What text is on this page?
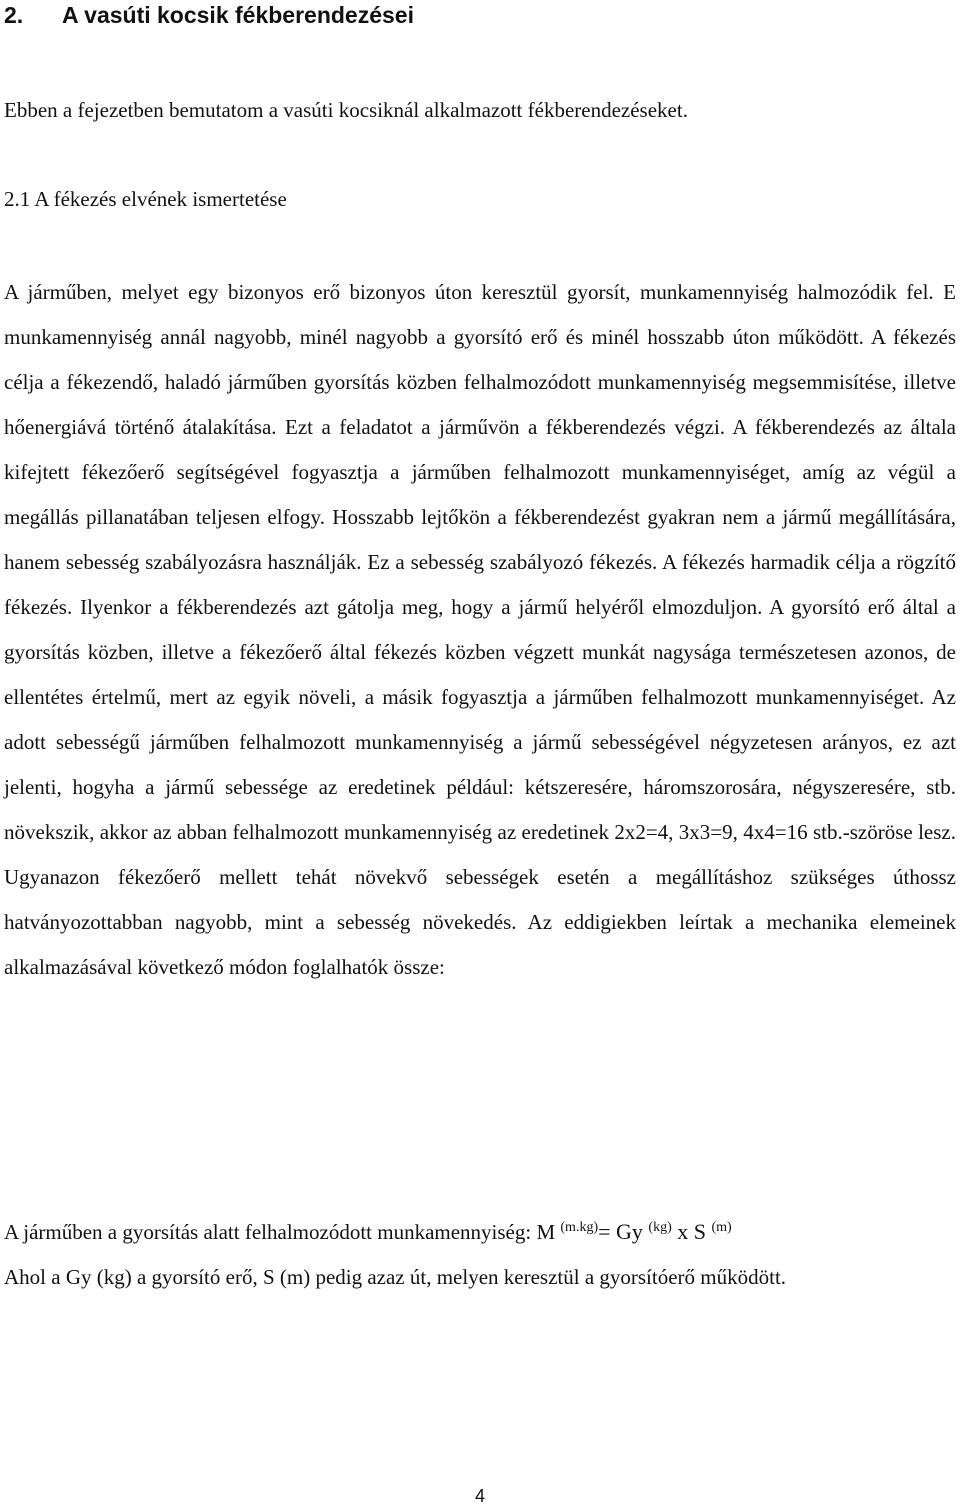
2. A vasúti kocsik fékberendezései

Ebben a fejezetben bemutatom a vasúti kocsiknál alkalmazott fékberendezéseket.

2.1 A fékezés elvének ismertetése

A járműben, melyet egy bizonyos erő bizonyos úton keresztül gyorsít, munkamennyiség halmozódik fel. E munkamennyiség annál nagyobb, minél nagyobb a gyorsító erő és minél hosszabb úton működött. A fékezés célja a fékezendő, haladó járműben gyorsítás közben felhalmozódott munkamennyiség megsemmisítése, illetve hőenergiává történő átalakítása. Ezt a feladatot a járművön a fékberendezés végzi. A fékberendezés az általa kifejtett fékezőerő segítségével fogyasztja a járműben felhalmozott munkamennyiséget, amíg az végül a megállás pillanatában teljesen elfogy. Hosszabb lejtőkön a fékberendezést gyakran nem a jármű megállítására, hanem sebesség szabályozásra használják. Ez a sebesség szabályozó fékezés. A fékezés harmadik célja a rögzítő fékezés. Ilyenkor a fékberendezés azt gátolja meg, hogy a jármű helyéről elmozduljon. A gyorsító erő által a gyorsítás közben, illetve a fékezőerő által fékezés közben végzett munkát nagysága természetesen azonos, de ellentétes értelmű, mert az egyik növeli, a másik fogyasztja a járműben felhalmozott munkamennyiséget. Az adott sebességű járműben felhalmozott munkamennyiség a jármű sebességével négyzetesen arányos, ez azt jelenti, hogyha a jármű sebessége az eredetinek például: kétszeresére, háromszorosára, négyszeresére, stb. növekszik, akkor az abban felhalmozott munkamennyiség az eredetinek 2x2=4, 3x3=9, 4x4=16 stb.-szöröse lesz. Ugyanazon fékezőerő mellett tehát növekvő sebességek esetén a megállításhoz szükséges úthossz hatványozottabban nagyobb, mint a sebesség növekedés. Az eddigiekben leírtak a mechanika elemeinek alkalmazásával következő módon foglalhatók össze:

A járműben a gyorsítás alatt felhalmozódott munkamennyiség: M $^{(m.kg)}$= Gy $^{(kg)}$ x S $^{(m)}$

Ahol a Gy (kg) a gyorsító erő, S (m) pedig azaz út, melyen keresztül a gyorsítóerő működött.

4
